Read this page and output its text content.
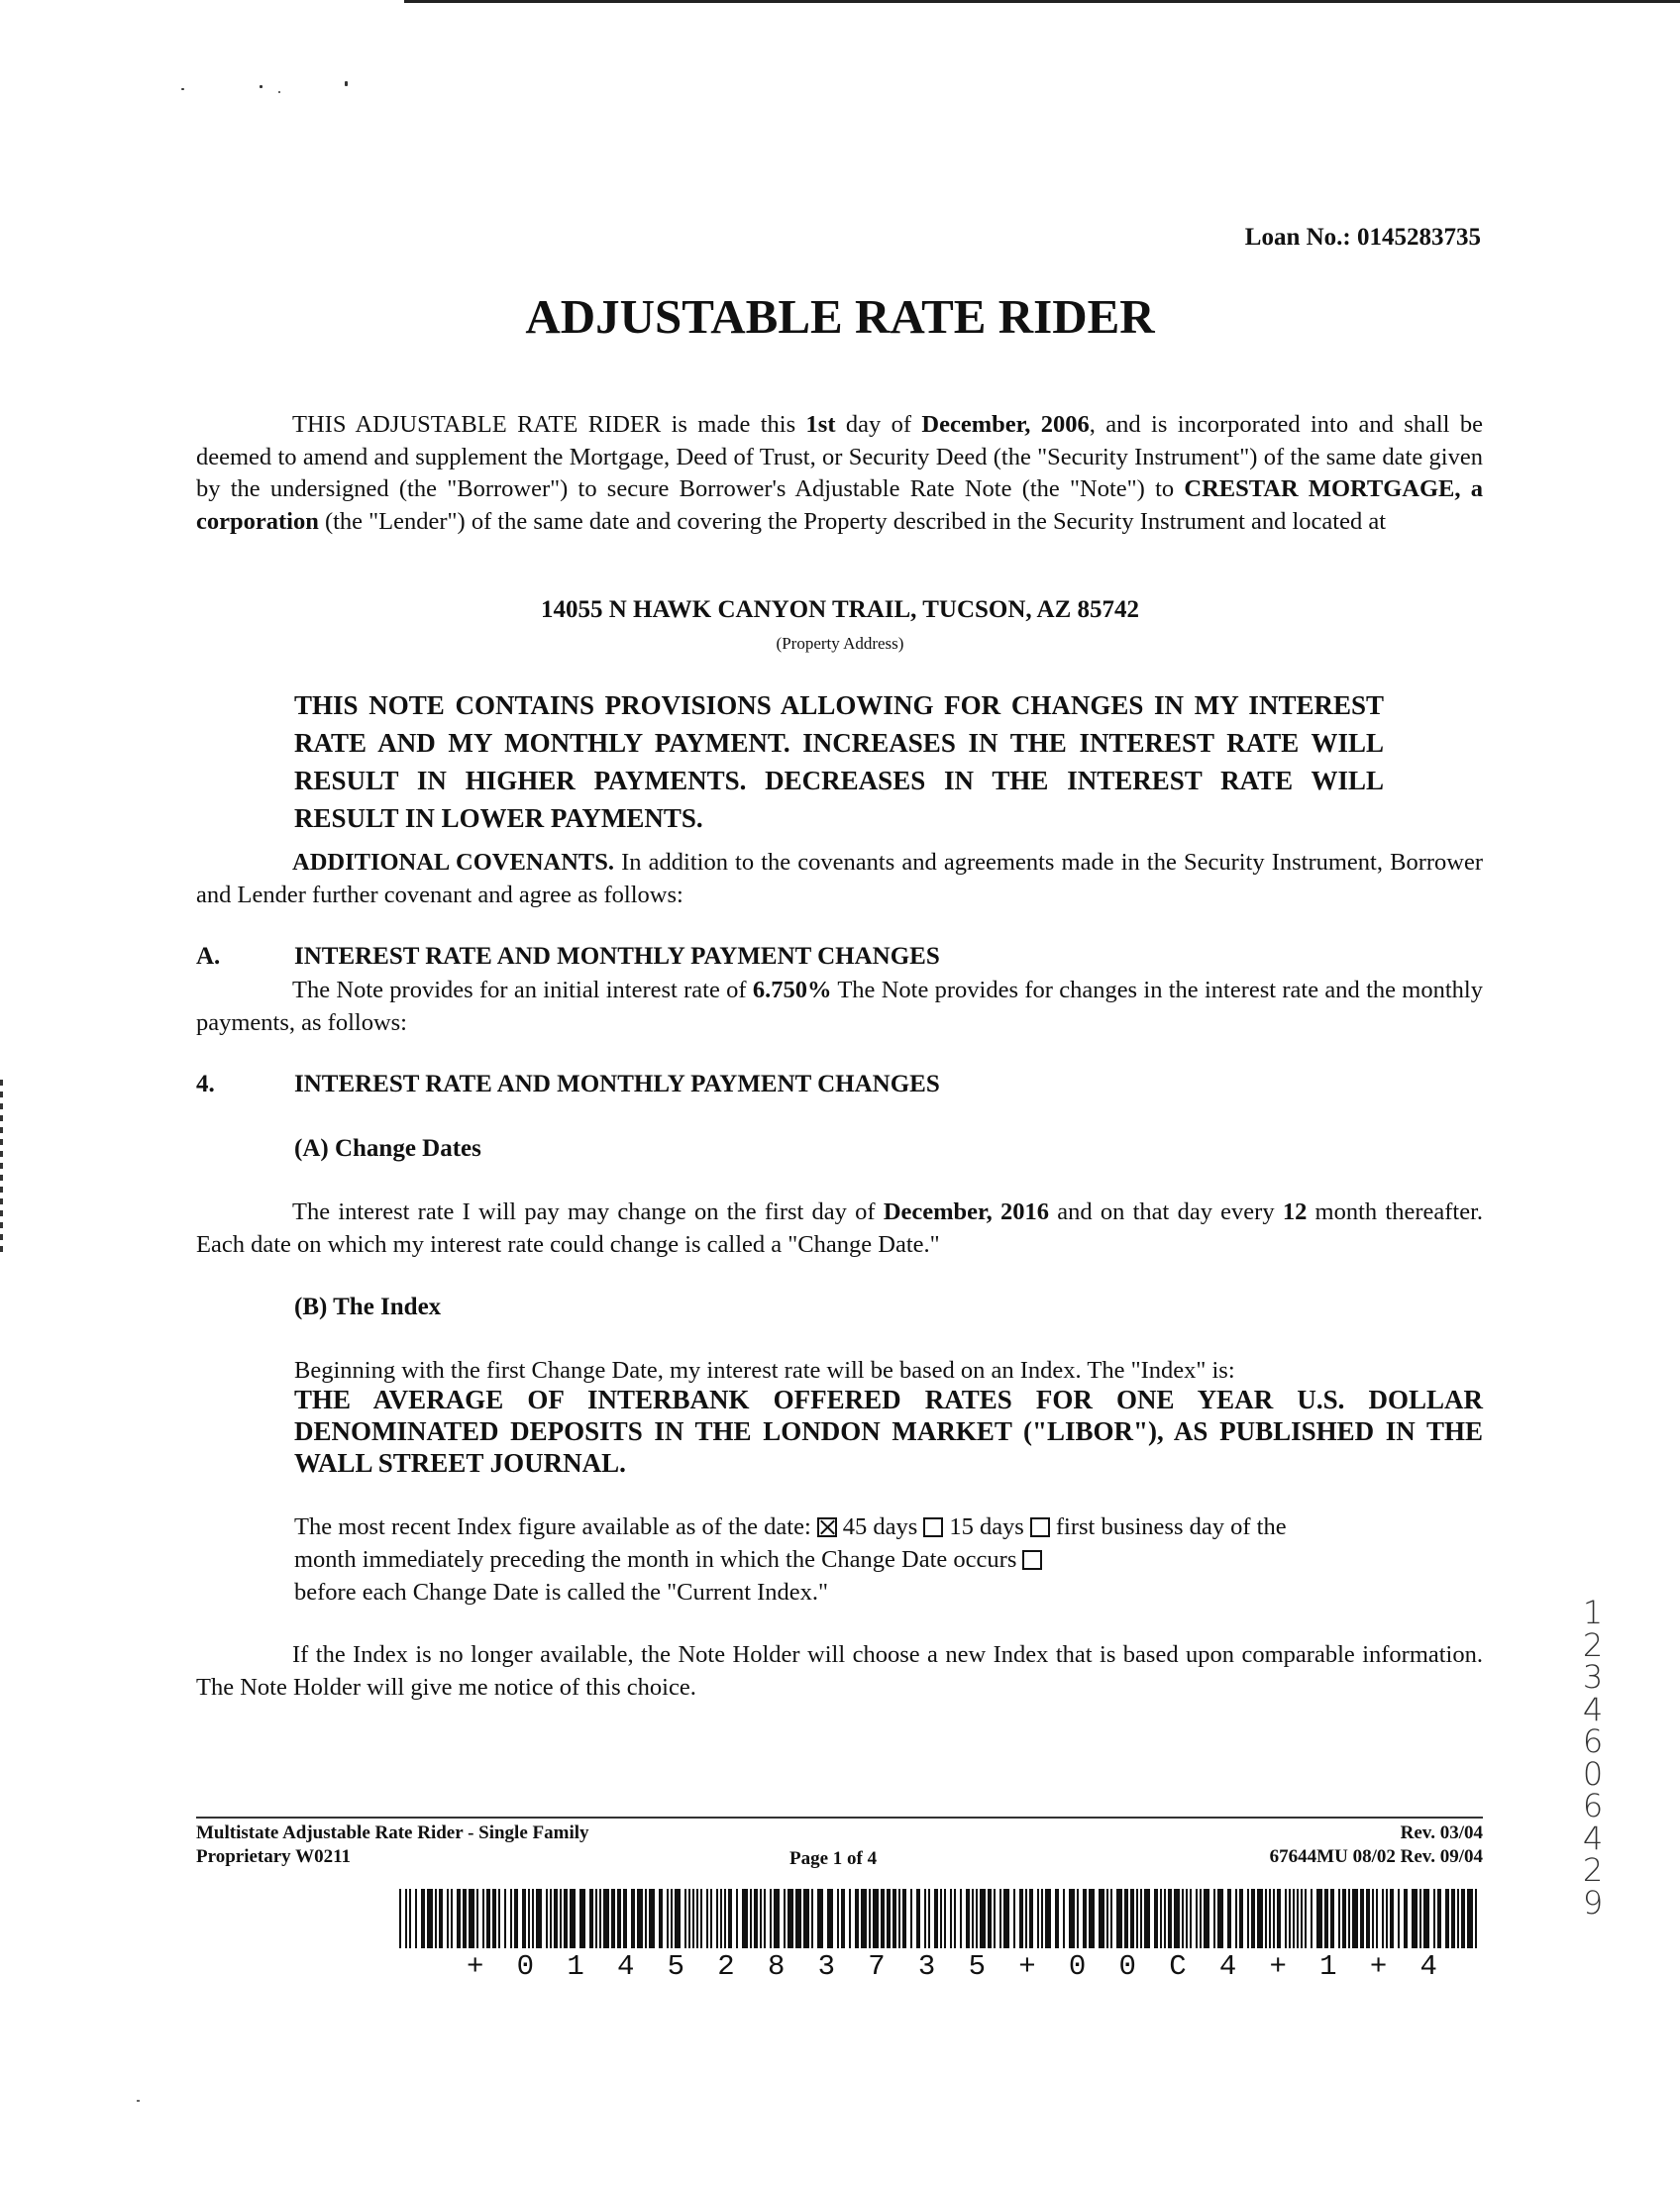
Loan No.: 0145283735
ADJUSTABLE RATE RIDER
THIS ADJUSTABLE RATE RIDER is made this 1st day of December, 2006, and is incorporated into and shall be deemed to amend and supplement the Mortgage, Deed of Trust, or Security Deed (the "Security Instrument") of the same date given by the undersigned (the "Borrower") to secure Borrower's Adjustable Rate Note (the "Note") to CRESTAR MORTGAGE, a corporation (the "Lender") of the same date and covering the Property described in the Security Instrument and located at
14055 N HAWK CANYON TRAIL, TUCSON, AZ 85742
(Property Address)
THIS NOTE CONTAINS PROVISIONS ALLOWING FOR CHANGES IN MY INTEREST RATE AND MY MONTHLY PAYMENT. INCREASES IN THE INTEREST RATE WILL RESULT IN HIGHER PAYMENTS. DECREASES IN THE INTEREST RATE WILL RESULT IN LOWER PAYMENTS.
ADDITIONAL COVENANTS. In addition to the covenants and agreements made in the Security Instrument, Borrower and Lender further covenant and agree as follows:
A.	INTEREST RATE AND MONTHLY PAYMENT CHANGES
The Note provides for an initial interest rate of 6.750% The Note provides for changes in the interest rate and the monthly payments, as follows:
4.	INTEREST RATE AND MONTHLY PAYMENT CHANGES
(A) Change Dates
The interest rate I will pay may change on the first day of December, 2016 and on that day every 12 month thereafter. Each date on which my interest rate could change is called a "Change Date."
(B) The Index
Beginning with the first Change Date, my interest rate will be based on an Index. The "Index" is:
THE AVERAGE OF INTERBANK OFFERED RATES FOR ONE YEAR U.S. DOLLAR DENOMINATED DEPOSITS IN THE LONDON MARKET ("LIBOR"), AS PUBLISHED IN THE WALL STREET JOURNAL.
The most recent Index figure available as of the date: 45 days 15 days first business day of the
month immediately preceding the month in which the Change Date occurs
before each Change Date is called the "Current Index."
If the Index is no longer available, the Note Holder will choose a new Index that is based upon comparable information. The Note Holder will give me notice of this choice.
Multistate Adjustable Rate Rider - Single Family
Proprietary W0211	Page 1 of 4
Rev. 03/04
67644MU 08/02 Rev. 09/04
+ 0 1 4 5 2 8 3 7 3 5 + 0 0 C 4 + 1 + 4
1
2
3
4
6
0
6
4
2
9
